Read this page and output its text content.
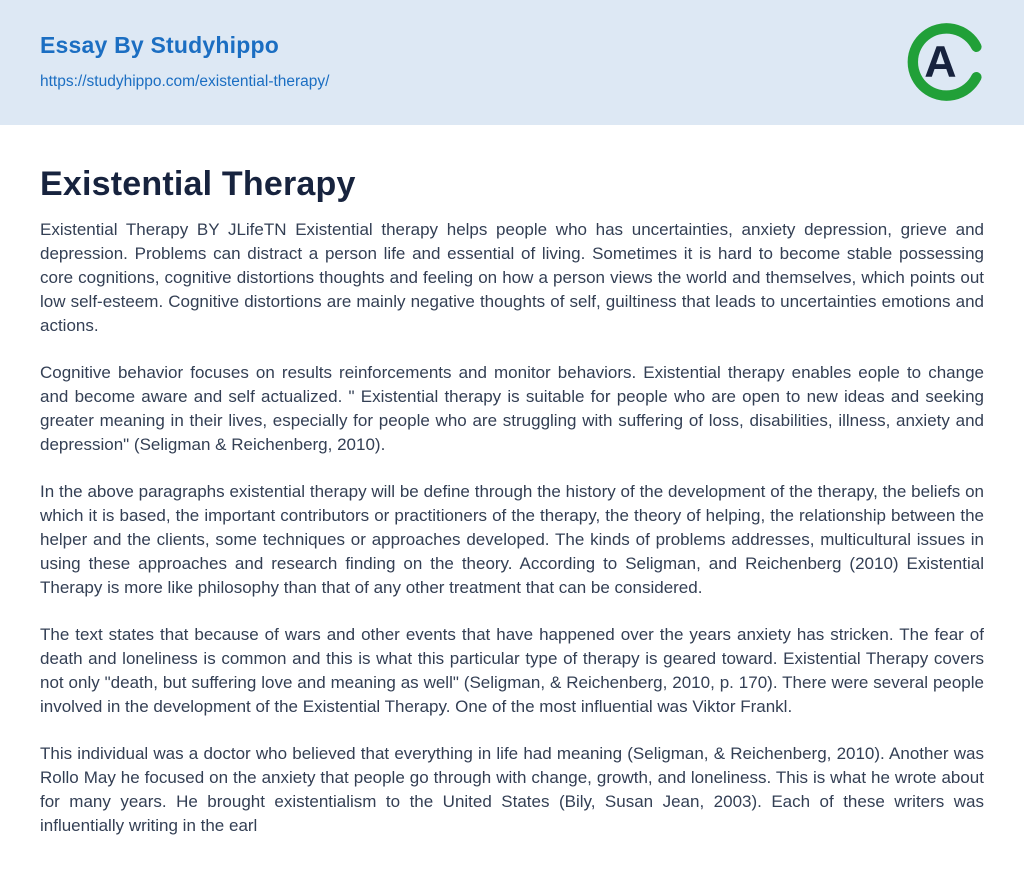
Essay By Studyhippo
https://studyhippo.com/existential-therapy/	A
Existential Therapy

Existential Therapy BY JLifeTN Existential therapy helps people who has uncertainties, anxiety depression, grieve and depression. Problems can distract a person life and essential of living. Sometimes it is hard to become stable possessing core cognitions, cognitive distortions thoughts and feeling on how a person views the world and themselves, which points out low self-esteem. Cognitive distortions are mainly negative thoughts of self, guiltiness that leads to uncertainties emotions and actions.

Cognitive behavior focuses on results reinforcements and monitor behaviors. Existential therapy enables eople to change and become aware and self actualized. " Existential therapy is suitable for people who are open to new ideas and seeking greater meaning in their lives, especially for people who are struggling with suffering of loss, disabilities, illness, anxiety and depression" (Seligman & Reichenberg, 2010).

In the above paragraphs existential therapy will be define through the history of the development of the therapy, the beliefs on which it is based, the important contributors or practitioners of the therapy, the theory of helping, the relationship between the helper and the clients, some techniques or approaches developed. The kinds of problems addresses, multicultural issues in using these approaches and research finding on the theory. According to Seligman, and Reichenberg (2010) Existential Therapy is more like philosophy than that of any other treatment that can be considered.

The text states that because of wars and other events that have happened over the years anxiety has stricken. The fear of death and loneliness is common and this is what this particular type of therapy is geared toward. Existential Therapy covers not only "death, but suffering love and meaning as well" (Seligman, & Reichenberg, 2010, p. 170). There were several people involved in the development of the Existential Therapy. One of the most influential was Viktor Frankl.

This individual was a doctor who believed that everything in life had meaning (Seligman, & Reichenberg, 2010). Another was Rollo May he focused on the anxiety that people go through with change, growth, and loneliness. This is what he wrote about for many years. He brought existentialism to the United States (Bily, Susan Jean, 2003). Each of these writers was influentially writing in the earl
